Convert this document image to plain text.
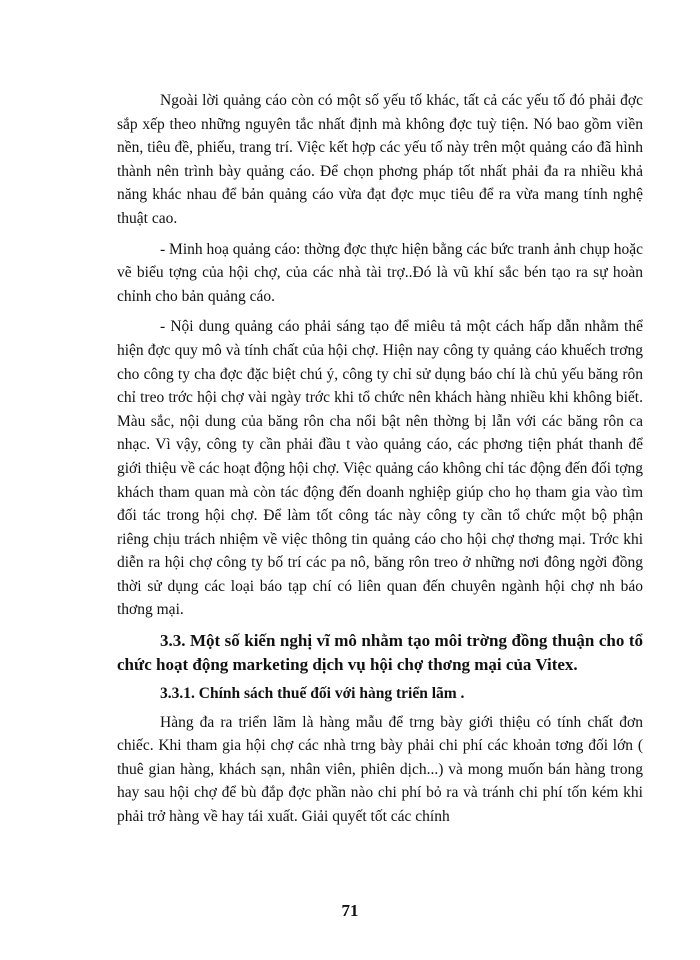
Ngoài lời quảng cáo còn có một số yếu tố khác, tất cả các yếu tố đó phải đợc sắp xếp theo những nguyên tắc nhất định mà không đợc tuỳ tiện. Nó bao gồm viền nền, tiêu đề, phiếu, trang trí. Việc kết hợp các yếu tố này trên một quảng cáo đã hình thành nên trình bày quảng cáo. Để chọn phơng pháp tốt nhất phải đa ra nhiều khả năng khác nhau để bản quảng cáo vừa đạt đợc mục tiêu để ra vừa mang tính nghệ thuật cao.

- Minh hoạ quảng cáo: thờng đợc thực hiện bằng các bức tranh ảnh chụp hoặc vẽ biểu tợng của hội chợ, của các nhà tài trợ..Đó là vũ khí sắc bén tạo ra sự hoàn chỉnh cho bản quảng cáo.

- Nội dung quảng cáo phải sáng tạo để miêu tả một cách hấp dẫn nhằm thể hiện đợc quy mô và tính chất của hội chợ. Hiện nay công ty quảng cáo khuếch trơng cho công ty cha đợc đặc biệt chú ý, công ty chỉ sử dụng báo chí là chủ yếu băng rôn chỉ treo trớc hội chợ vài ngày trớc khi tổ chức nên khách hàng nhiều khi không biết. Màu sắc, nội dung của băng rôn cha nổi bật nên thờng bị lẫn với các băng rôn ca nhạc. Vì vậy, công ty cần phải đầu t vào quảng cáo, các phơng tiện phát thanh để giới thiệu về các hoạt động hội chợ. Việc quảng cáo không chỉ tác động đến đối tợng khách tham quan mà còn tác động đến doanh nghiệp giúp cho họ tham gia vào tìm đối tác trong hội chợ. Để làm tốt công tác này công ty cần tổ chức một bộ phận riêng chịu trách nhiệm về việc thông tin quảng cáo cho hội chợ thơng mại. Trớc khi diễn ra hội chợ công ty bố trí các pa nô, băng rôn treo ở những nơi đông ngời đồng thời sử dụng các loại báo tạp chí có liên quan đến chuyên ngành hội chợ nh báo thơng mại.

3.3. Một số kiến nghị vĩ mô nhằm tạo môi trờng đồng thuận cho tổ chức hoạt động marketing dịch vụ hội chợ thơng mại của Vitex.

3.3.1. Chính sách thuế đối với hàng triển lãm .

Hàng đa ra triển lãm là hàng mẫu để trng bày giới thiệu có tính chất đơn chiếc. Khi tham gia hội chợ các nhà trng bày phải chi phí các khoản tơng đối lớn ( thuê gian hàng, khách sạn, nhân viên, phiên dịch...) và mong muốn bán hàng trong hay sau hội chợ để bù đắp đợc phần nào chi phí bỏ ra và tránh chi phí tốn kém khi phải trở hàng về hay tái xuất. Giải quyết tốt các chính

71
